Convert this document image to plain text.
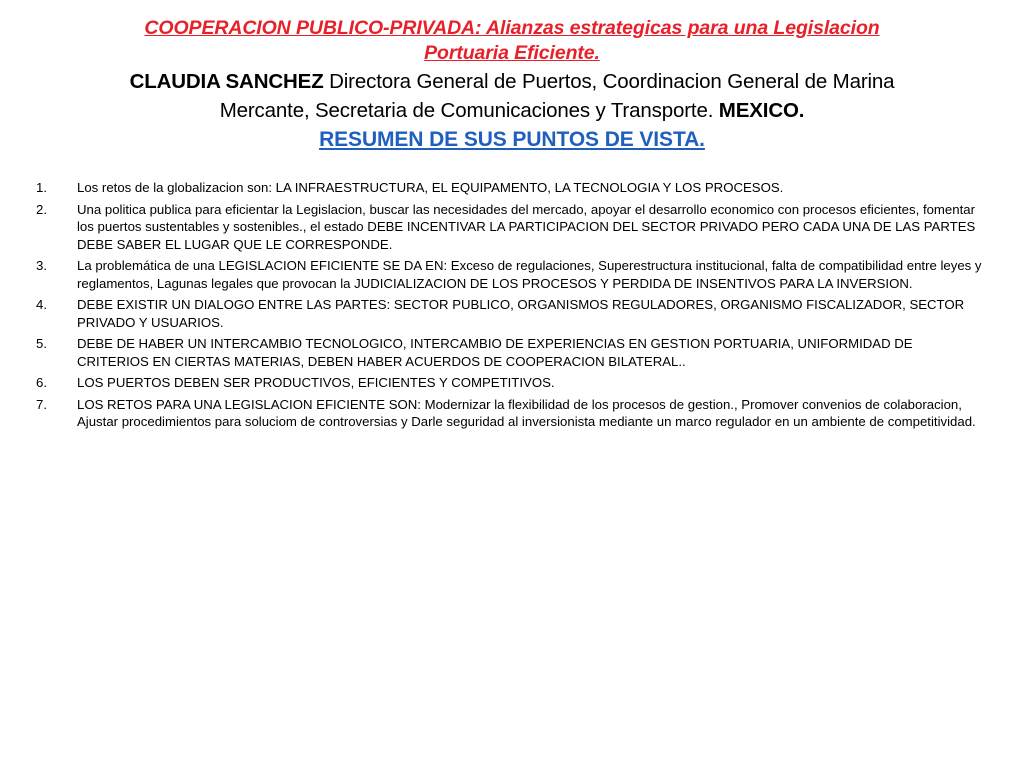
COOPERACION PUBLICO-PRIVADA: Alianzas estrategicas para una Legislacion
Portuaria Eficiente.
CLAUDIA SANCHEZ Directora General de Puertos, Coordinacion General de Marina
Mercante, Secretaria de Comunicaciones y Transporte. MEXICO.
RESUMEN DE SUS PUNTOS DE VISTA.
1. Los retos de la globalizacion son: LA INFRAESTRUCTURA, EL EQUIPAMENTO, LA TECNOLOGIA Y LOS PROCESOS.
2. Una politica publica para eficientar la Legislacion, buscar las necesidades del mercado, apoyar el desarrollo economico con procesos eficientes, fomentar los puertos sustentables y sostenibles., el estado DEBE INCENTIVAR LA PARTICIPACION DEL SECTOR PRIVADO PERO CADA UNA DE LAS PARTES DEBE SABER EL LUGAR QUE LE CORRESPONDE.
3. La problemática de una LEGISLACION EFICIENTE SE DA EN: Exceso de regulaciones, Superestructura institucional, falta de compatibilidad entre leyes y reglamentos, Lagunas legales que provocan la JUDICIALIZACION DE LOS PROCESOS Y PERDIDA DE INSENTIVOS PARA LA INVERSION.
4. DEBE EXISTIR UN DIALOGO ENTRE LAS PARTES: SECTOR PUBLICO, ORGANISMOS REGULADORES, ORGANISMO FISCALIZADOR, SECTOR PRIVADO Y USUARIOS.
5. DEBE DE HABER UN INTERCAMBIO TECNOLOGICO, INTERCAMBIO DE EXPERIENCIAS EN GESTION PORTUARIA, UNIFORMIDAD DE CRITERIOS EN CIERTAS MATERIAS, DEBEN HABER ACUERDOS DE COOPERACION BILATERAL..
6. LOS PUERTOS DEBEN SER PRODUCTIVOS, EFICIENTES Y COMPETITIVOS.
7. LOS RETOS PARA UNA LEGISLACION EFICIENTE SON: Modernizar la flexibilidad de los procesos de gestion., Promover convenios de colaboracion, Ajustar procedimientos para soluciom de controversias y Darle seguridad al inversionista mediante un marco regulador en un ambiente de competitividad.
